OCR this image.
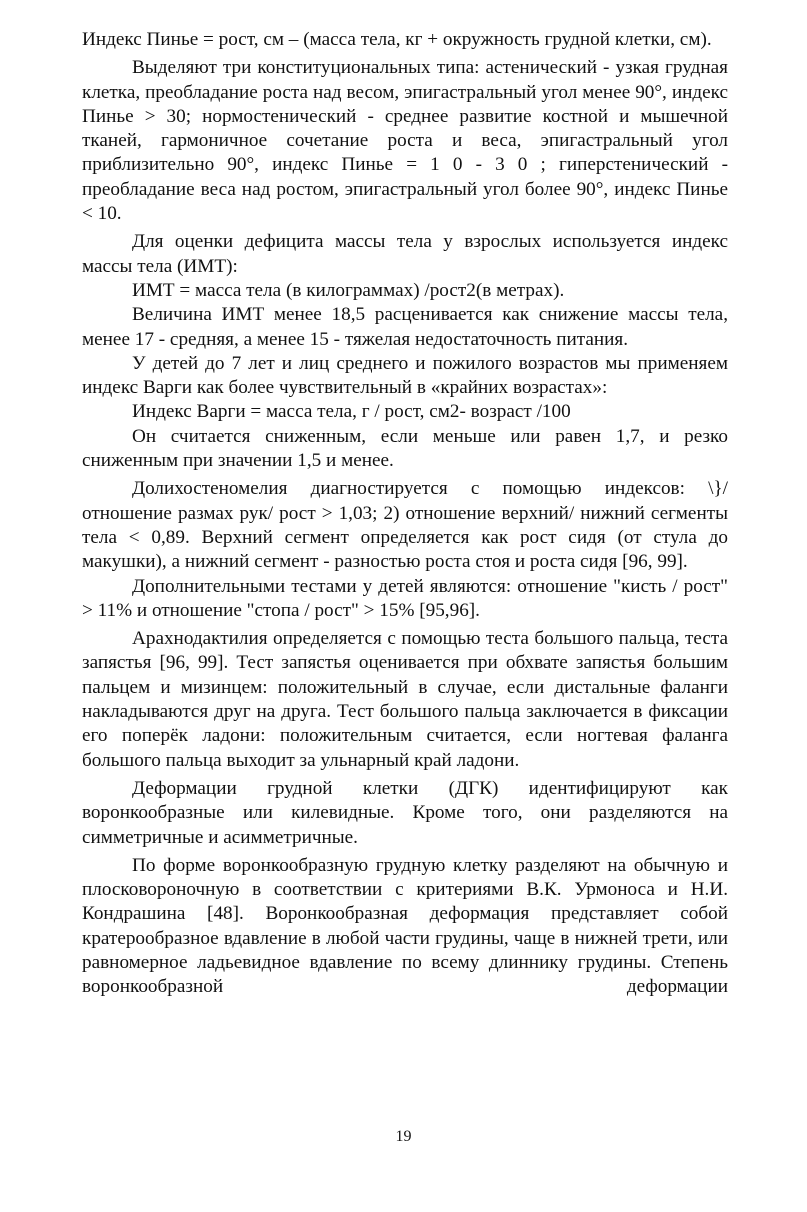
Индекс Пинье = рост, см – (масса тела, кг + окружность грудной клетки, см).

Выделяют три конституциональных типа: астенический - узкая грудная клетка, преобладание роста над весом, эпигастральный угол менее 90°, индекс Пинье > 30; нормостенический - среднее развитие костной и мышечной тканей, гармоничное сочетание роста и веса, эпигастральный угол приблизительно 90°, индекс Пинье = 1 0 - 3 0 ; гиперстенический - преобладание веса над ростом, эпигастральный угол более 90°, индекс Пинье < 10.

Для оценки дефицита массы тела у взрослых используется индекс массы тела (ИМТ):

ИМТ = масса тела (в килограммах) /рост2(в метрах).

Величина ИМТ менее 18,5 расценивается как снижение массы тела, менее 17 - средняя, а менее 15 - тяжелая недостаточность питания.

У детей до 7 лет и лиц среднего и пожилого возрастов мы применяем индекс Варги как более чувствительный в «крайних возрастах»:

Индекс Варги = масса тела, г / рост, см2- возраст /100

Он считается сниженным, если меньше или равен 1,7, и резко сниженным при значении 1,5 и менее.

Долихостеномелия диагностируется с помощью индексов: \}/ отношение размах рук/ рост > 1,03; 2) отношение верхний/ нижний сегменты тела < 0,89. Верхний сегмент определяется как рост сидя (от стула до макушки), а нижний сегмент - разностью роста стоя и роста сидя [96, 99].

Дополнительными тестами у детей являются: отношение "кисть / рост" > 11% и отношение "стопа / рост" > 15% [95,96].

Арахнодактилия определяется с помощью теста большого пальца, теста запястья [96, 99]. Тест запястья оценивается при обхвате запястья большим пальцем и мизинцем: положительный в случае, если дистальные фаланги накладываются друг на друга. Тест большого пальца заключается в фиксации его поперёк ладони: положительным считается, если ногтевая фаланга большого пальца выходит за ульнарный край ладони.

Деформации грудной клетки (ДГК) идентифицируют как воронкообразные или килевидные. Кроме того, они разделяются на симметричные и асимметричные.

По форме воронкообразную грудную клетку разделяют на обычную и плосковороночную в соответствии с критериями В.К. Урмоноса и Н.И. Кондрашина [48]. Воронкообразная деформация представляет собой кратерообразное вдавление в любой части грудины, чаще в нижней трети, или равномерное ладьевидное вдавление по всему длиннику грудины. Степень воронкообразной деформации

19
